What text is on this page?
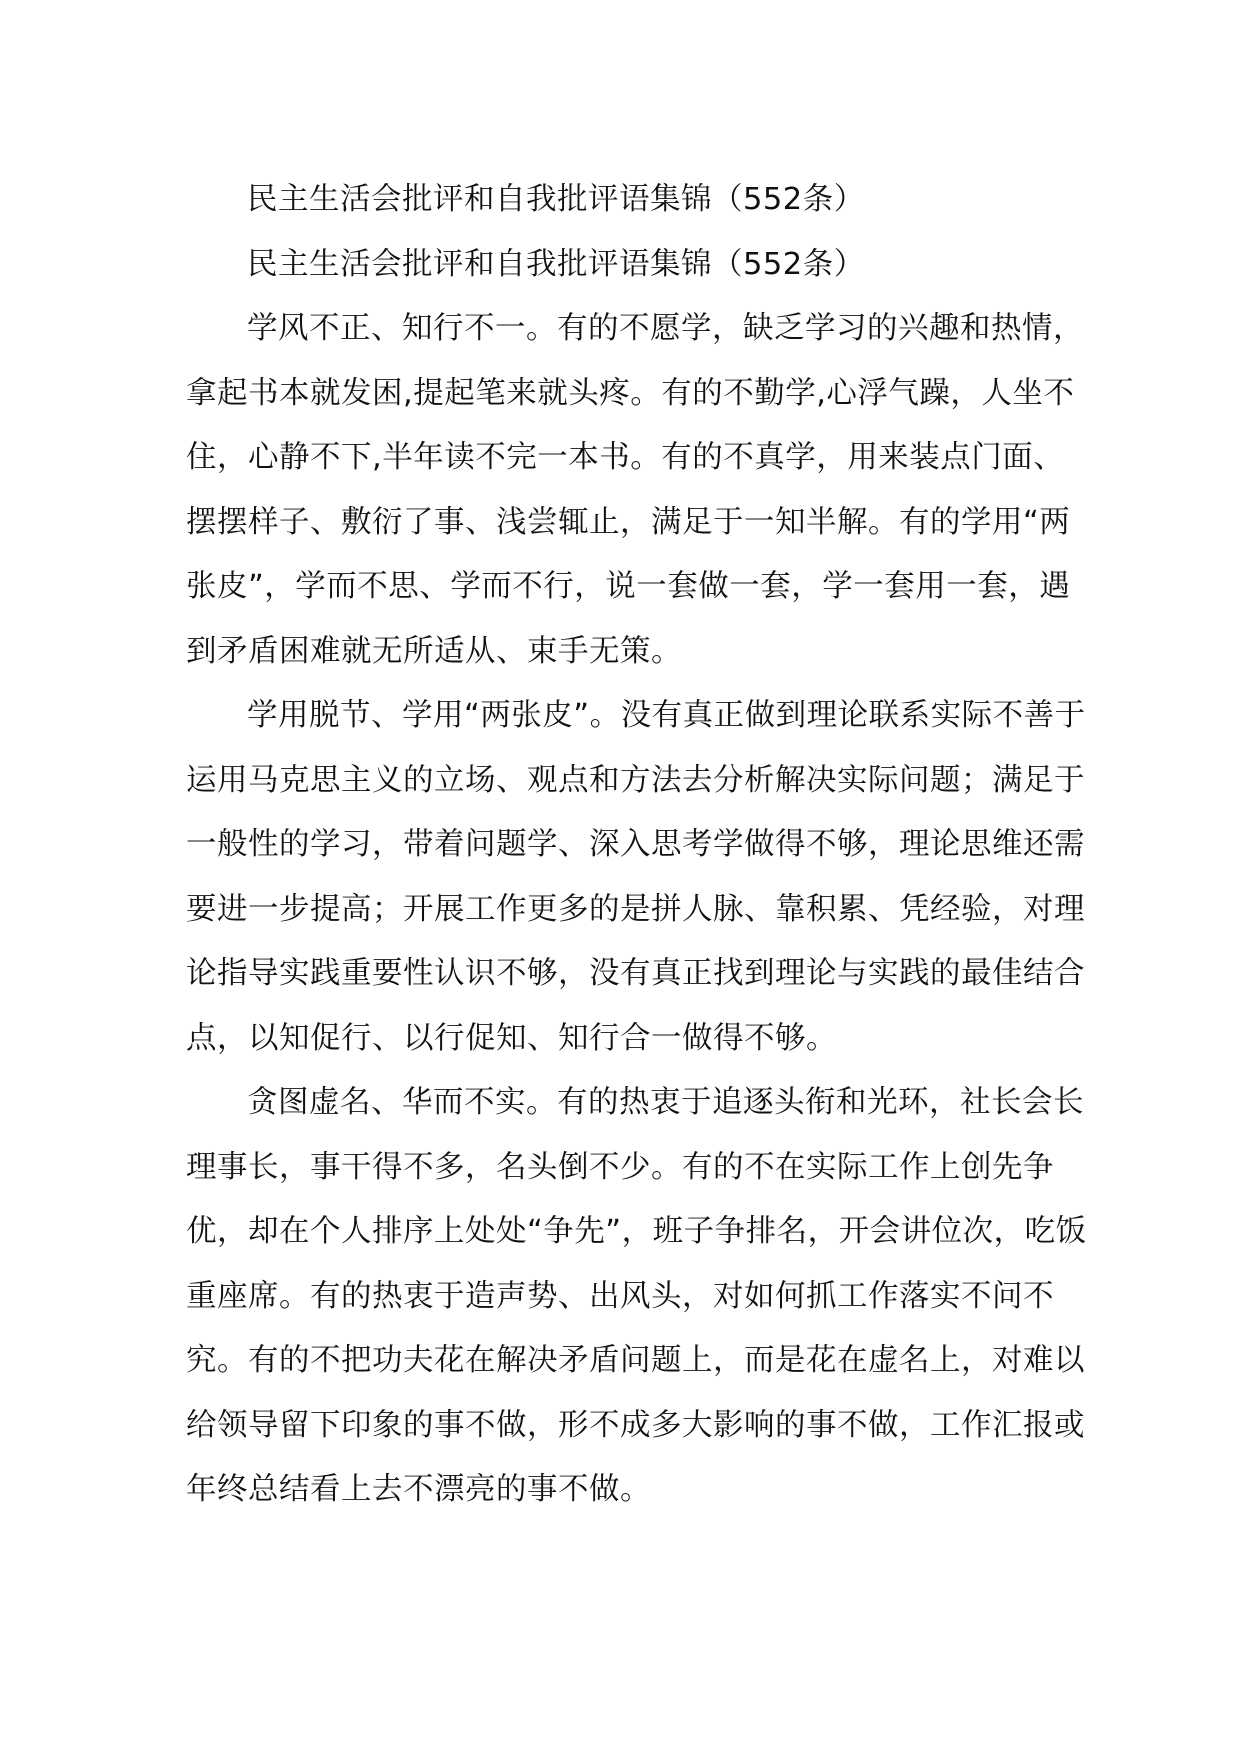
民主生活会批评和自我批评语集锦（552条）

民主生活会批评和自我批评语集锦（552条）

学风不正、知行不一。有的不愿学，缺乏学习的兴趣和热情，拿起书本就发困,提起笔来就头疼。有的不勤学,心浮气躁，人坐不住，心静不下,半年读不完一本书。有的不真学，用来装点门面、摆摆样子、敷衍了事、浅尝辄止，满足于一知半解。有的学用“两张皮”，学而不思、学而不行，说一套做一套，学一套用一套，遇到矛盾困难就无所适从、束手无策。

学用脱节、学用“两张皮”。没有真正做到理论联系实际不善于运用马克思主义的立场、观点和方法去分析解决实际问题；满足于一般性的学习，带着问题学、深入思考学做得不够，理论思维还需要进一步提高；开展工作更多的是拼人脉、靠积累、凭经验，对理论指导实践重要性认识不够，没有真正找到理论与实践的最佳结合点，以知促行、以行促知、知行合一做得不够。

贪图虚名、华而不实。有的热衷于追逐头衔和光环，社长会长理事长，事干得不多，名头倒不少。有的不在实际工作上创先争优，却在个人排序上处处“争先”，班子争排名，开会讲位次，吃饭重座席。有的热衷于造声势、出风头，对如何抓工作落实不问不究。有的不把功夫花在解决矛盾问题上，而是花在虚名上，对难以给领导留下印象的事不做，形不成多大影响的事不做，工作汇报或年终总结看上去不漂亮的事不做。
